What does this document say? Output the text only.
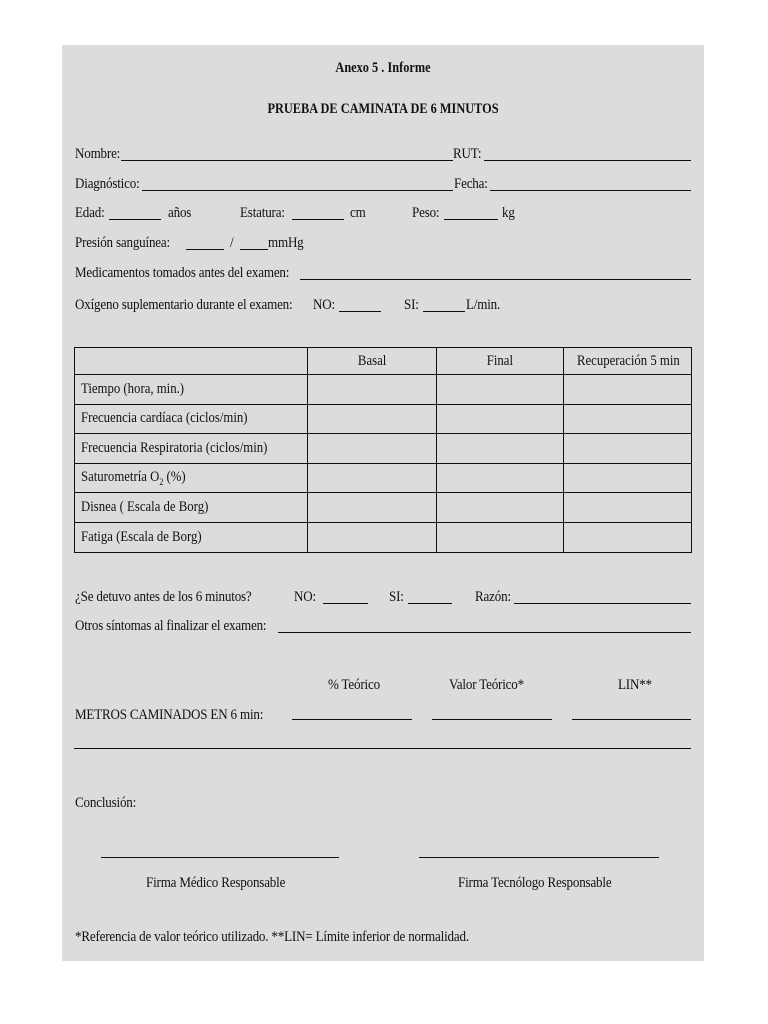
Anexo 5 . Informe
PRUEBA DE CAMINATA DE 6 MINUTOS
Nombre:	RUT:
Diagnóstico:	Fecha:
Edad:	años	Estatura:	cm	Peso:	kg
Presión sanguínea:	/ mmHg
Medicamentos tomados antes del examen:
Oxígeno suplementario durante el examen: NO:	SI:	L/min.
	Basal	Final	Recuperación 5 min
Tiempo (hora, min.)			
Frecuencia cardíaca (ciclos/min)			
Frecuencia Respiratoria (ciclos/min)			
Saturometría $O_2$ (%)			
Disnea ( Escala de Borg)			
Fatiga (Escala de Borg)			
¿Se detuvo antes de los 6 minutos?	NO:	SI:	Razón:
Otros síntomas al finalizar el examen:
% Teórico	Valor Teórico*	LIN**
METROS CAMINADOS EN 6 min:
Conclusión:
Firma Médico Responsable	Firma Tecnólogo Responsable
*Referencia de valor teórico utilizado. **LIN= Límite inferior de normalidad.
